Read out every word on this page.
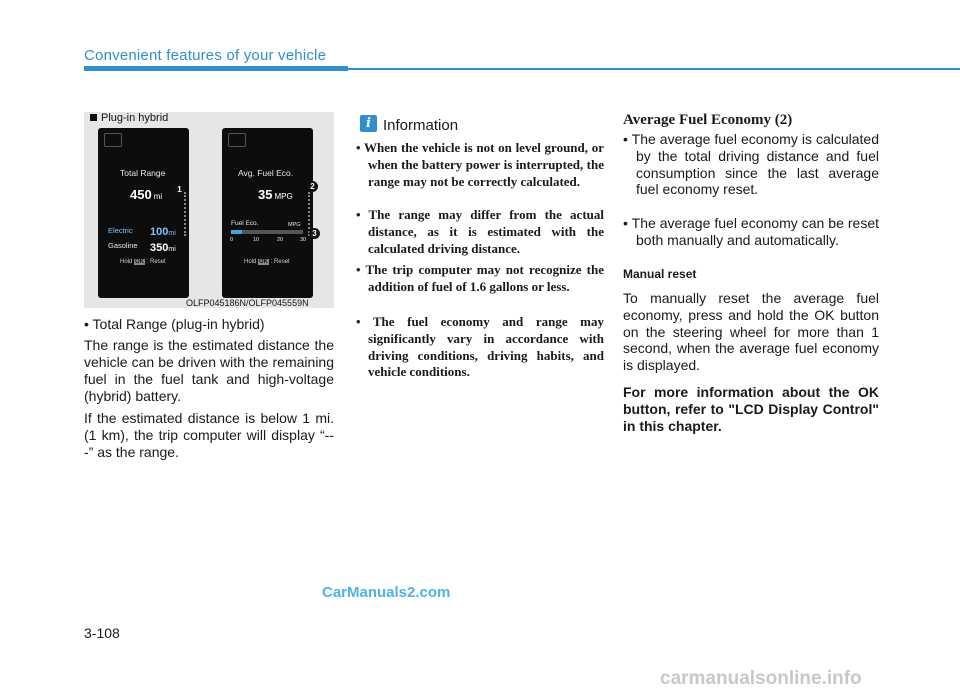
Convenient features of your vehicle
Plug-in hybrid
Total Range
450 mi
Electric 100mi
Gasoline 350mi
Hold OK : Reset
1
Avg. Fuel Eco.
35 MPG
Fuel Eco.	MPG
0	10	20	30
Hold OK : Reset
2
3
OLFP045186N/OLFP045559N
• Total Range (plug-in hybrid)
The range is the estimated distance the vehicle can be driven with the remaining fuel in the fuel tank and high-voltage (hybrid) battery.
If the estimated distance is below 1 mi. (1 km), the trip computer will display “---” as the range.
i Information
• When the vehicle is not on level ground, or when the battery power is interrupted, the range may not be correctly calculated.
• The range may differ from the actual distance, as it is estimated with the calculated driving distance.
• The trip computer may not recognize the addition of fuel of 1.6 gallons or less.
• The fuel economy and range may significantly vary in accordance with driving conditions, driving habits, and vehicle conditions.
Average Fuel Economy (2)
• The average fuel economy is calculated by the total driving distance and fuel consumption since the last average fuel economy reset.
• The average fuel economy can be reset both manually and automatically.
Manual reset
To manually reset the average fuel economy, press and hold the OK button on the steering wheel for more than 1 second, when the average fuel economy is displayed.
For more information about the OK button, refer to "LCD Display Control" in this chapter.
CarManuals2.com
3-108
carmanualsonline.info
